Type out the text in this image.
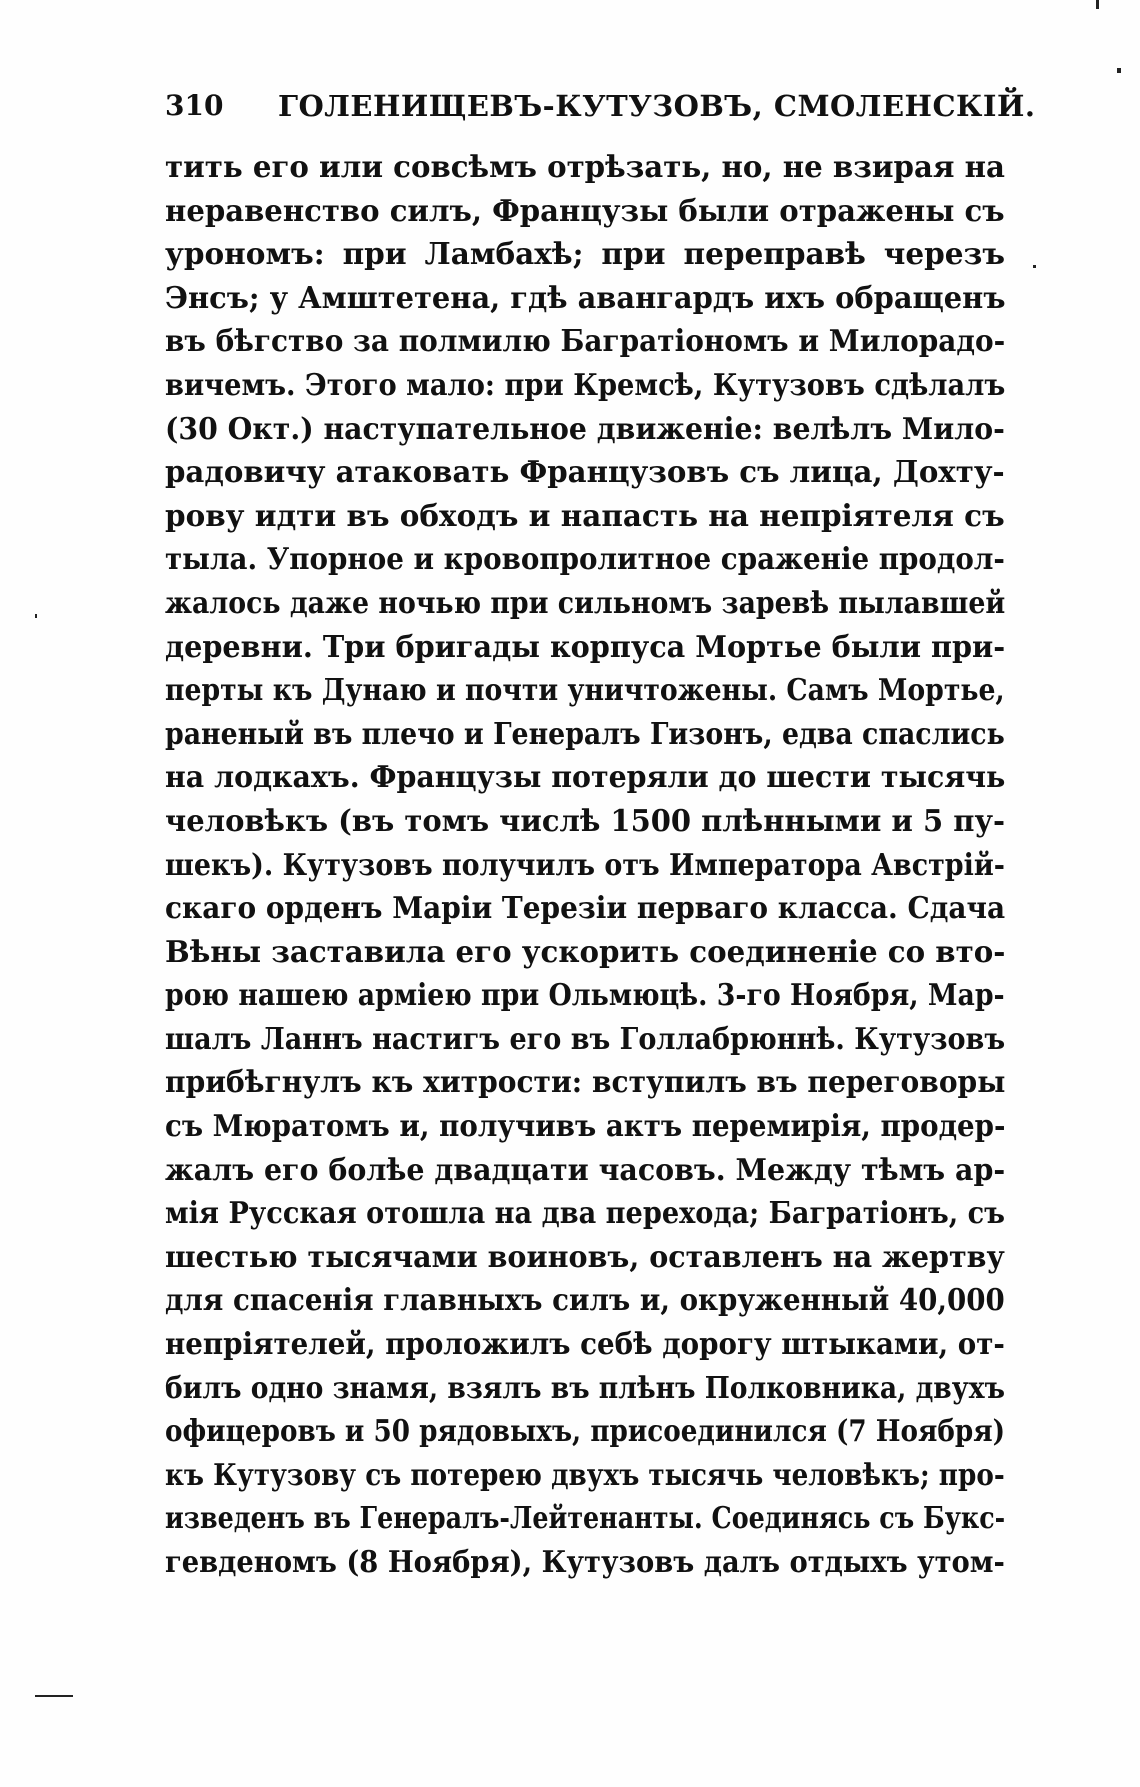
310 ГОЛЕНИЩЕВЪ-КУТУЗОВЪ, СМОЛЕНСКІЙ.
тить его или совсѣмъ отрѣзать, но, не взирая на
неравенство силъ, Французы были отражены съ
урономъ: при Ламбахѣ; при переправѣ черезъ
Энсъ; у Амштетена, гдѣ авангардъ ихъ обращенъ
въ бѣгство за полмилю Багратіономъ и Милорадо-
вичемъ. Этого мало: при Кремсѣ, Кутузовъ сдѣлалъ
(30 Окт.) наступательное движеніе: велѣлъ Мило-
радовичу атаковать Французовъ съ лица, Дохту-
рову идти въ обходъ и напасть на непріятеля съ
тыла. Упорное и кровопролитное сраженіе продол-
жалось даже ночью при сильномъ заревѣ пылавшей
деревни. Три бригады корпуса Мортье были при-
перты къ Дунаю и почти уничтожены. Самъ Мортье,
раненый въ плечо и Генералъ Гизонъ, едва спаслись
на лодкахъ. Французы потеряли до шести тысячь
человѣкъ (въ томъ числѣ 1500 плѣнными и 5 пу-
шекъ). Кутузовъ получилъ отъ Императора Австрій-
скаго орденъ Маріи Терезіи перваго класса. Сдача
Вѣны заставила его ускорить соединеніе со вто-
рою нашею арміею при Ольмюцѣ. 3-го Ноября, Мар-
шалъ Ланнъ настигъ его въ Голлабрюннѣ. Кутузовъ
прибѣгнулъ къ хитрости: вступилъ въ переговоры
съ Мюратомъ и, получивъ актъ перемирія, продер-
жалъ его болѣе двадцати часовъ. Между тѣмъ ар-
мія Русская отошла на два перехода; Багратіонъ, съ
шестью тысячами воиновъ, оставленъ на жертву
для спасенія главныхъ силъ и, окруженный 40,000
непріятелей, проложилъ себѣ дорогу штыками, от-
билъ одно знамя, взялъ въ плѣнъ Полковника, двухъ
офицеровъ и 50 рядовыхъ, присоединился (7 Ноября)
къ Кутузову съ потерею двухъ тысячь человѣкъ; про-
изведенъ въ Генералъ-Лейтенанты. Соединясь съ Букс-
гевденомъ (8 Ноября), Кутузовъ далъ отдыхъ утом-
